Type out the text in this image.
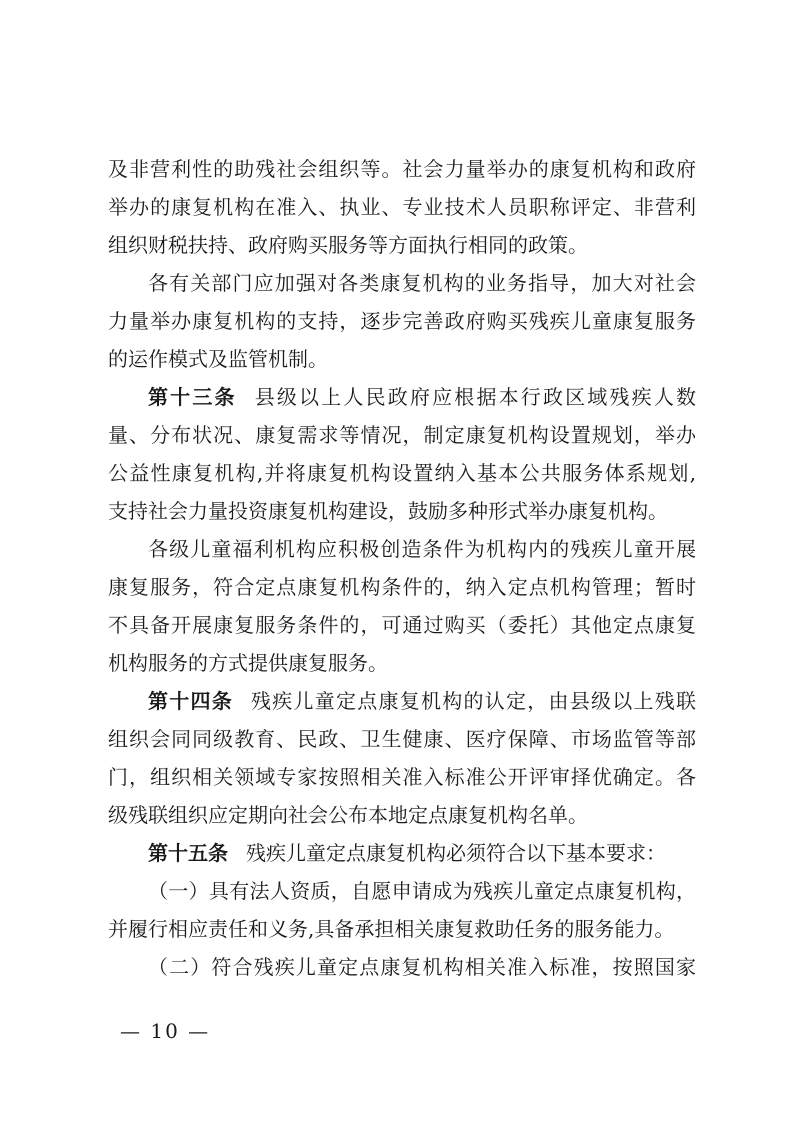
及非营利性的助残社会组织等。社会力量举办的康复机构和政府
举办的康复机构在准入、执业、专业技术人员职称评定、非营利
组织财税扶持、政府购买服务等方面执行相同的政策。
各有关部门应加强对各类康复机构的业务指导，加大对社会
力量举办康复机构的支持，逐步完善政府购买残疾儿童康复服务
的运作模式及监管机制。
第十三条 县级以上人民政府应根据本行政区域残疾人数
量、分布状况、康复需求等情况，制定康复机构设置规划，举办
公益性康复机构,并将康复机构设置纳入基本公共服务体系规划,
支持社会力量投资康复机构建设，鼓励多种形式举办康复机构。
各级儿童福利机构应积极创造条件为机构内的残疾儿童开展
康复服务，符合定点康复机构条件的，纳入定点机构管理；暂时
不具备开展康复服务条件的，可通过购买（委托）其他定点康复
机构服务的方式提供康复服务。
第十四条 残疾儿童定点康复机构的认定，由县级以上残联
组织会同同级教育、民政、卫生健康、医疗保障、市场监管等部
门，组织相关领域专家按照相关准入标准公开评审择优确定。各
级残联组织应定期向社会公布本地定点康复机构名单。
第十五条 残疾儿童定点康复机构必须符合以下基本要求：
（一）具有法人资质，自愿申请成为残疾儿童定点康复机构，
并履行相应责任和义务,具备承担相关康复救助任务的服务能力。
（二）符合残疾儿童定点康复机构相关准入标准，按照国家
— 10 —
